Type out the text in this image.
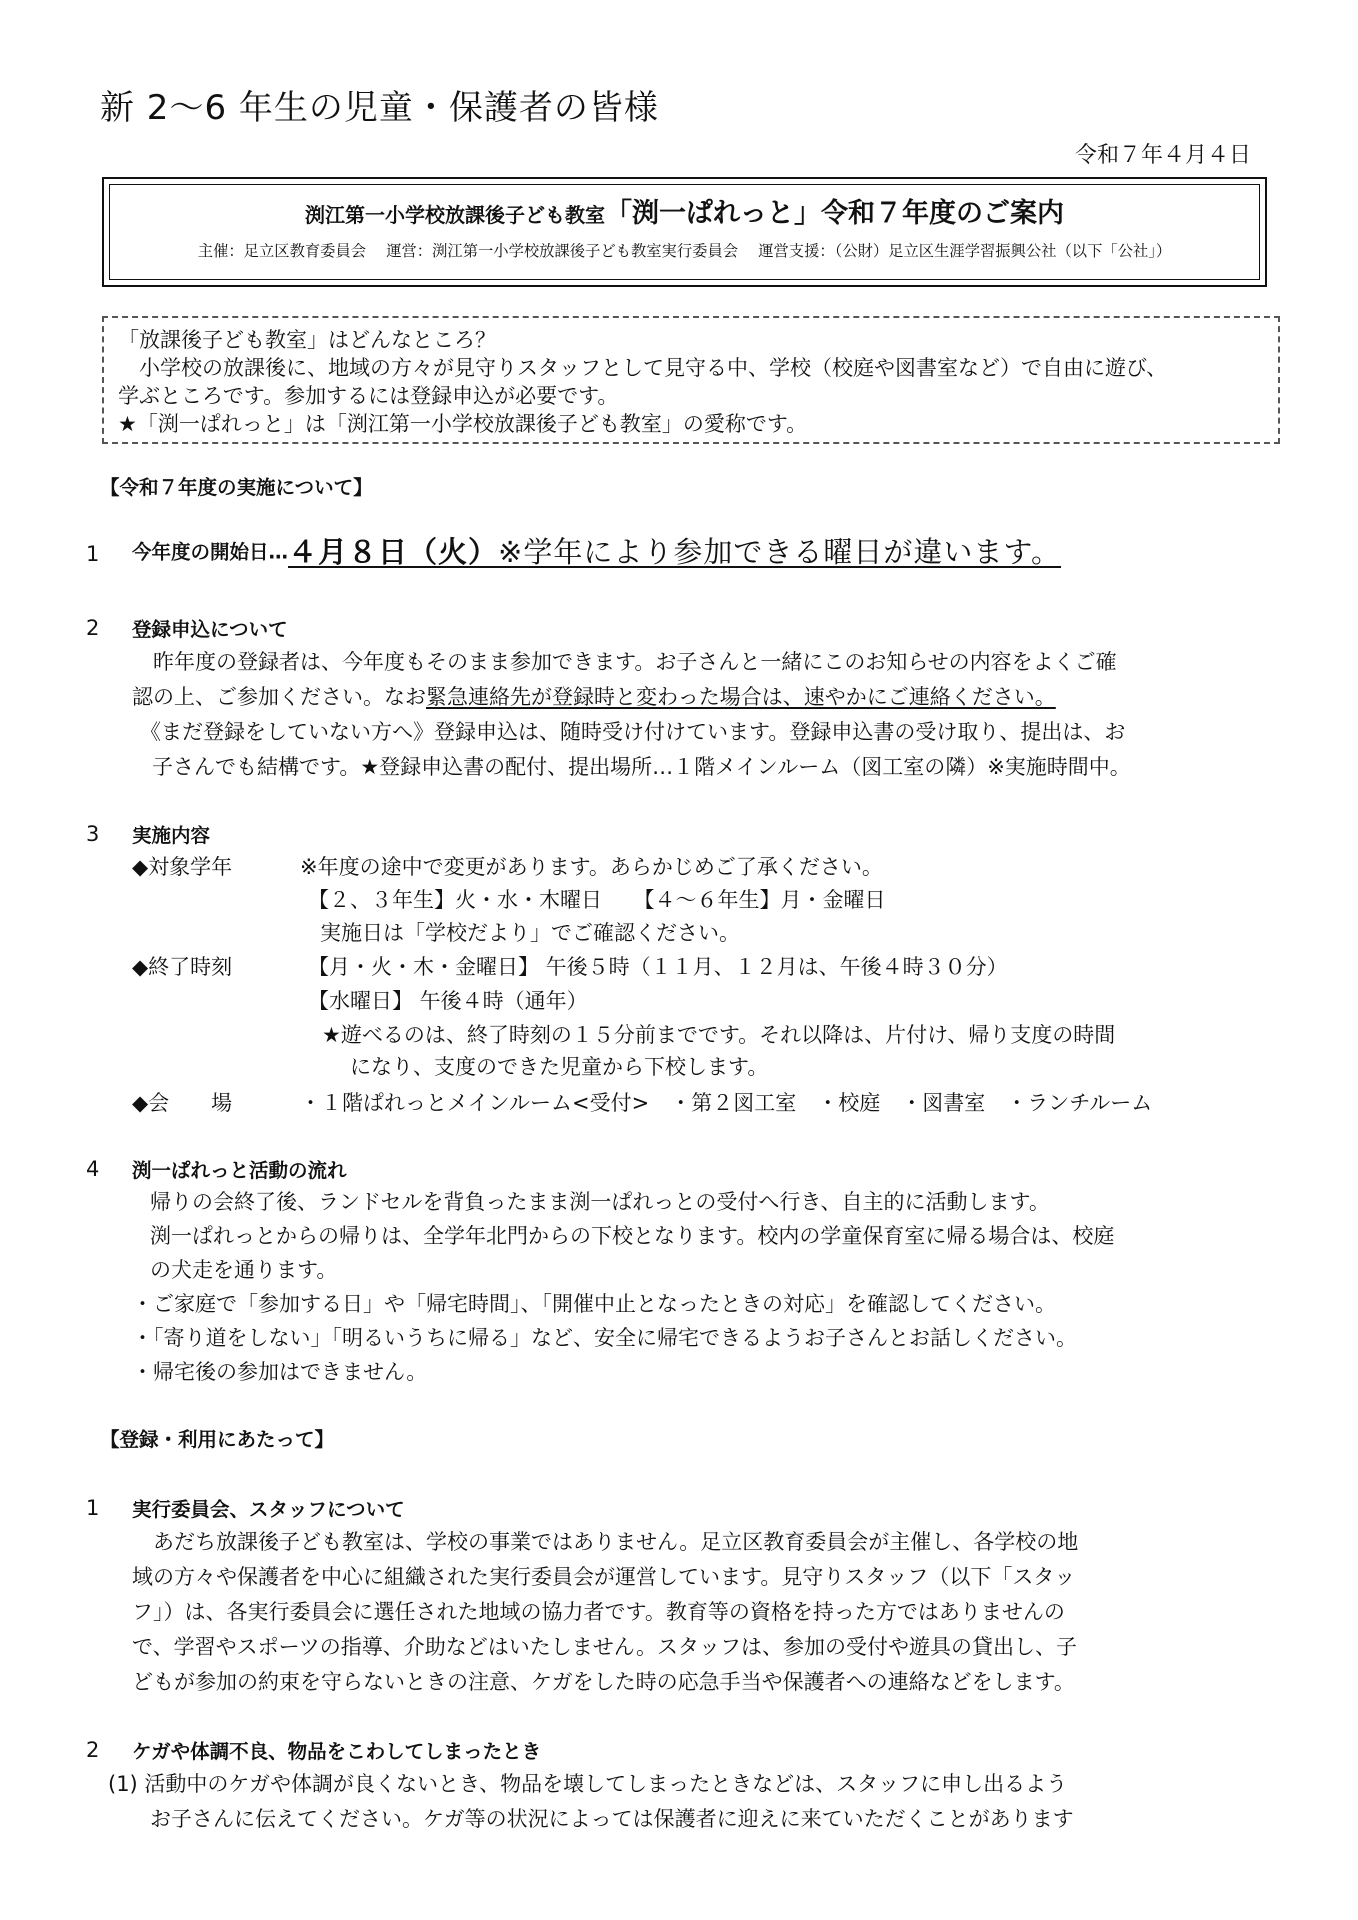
新 2～6 年生の児童・保護者の皆様
令和７年４月４日
渕江第一小学校放課後子ども教室「渕一ぱれっと」令和７年度のご案内
主催：足立区教育委員会　 運営：渕江第一小学校放課後子ども教室実行委員会　 運営支援：（公財）足立区生涯学習振興公社（以下「公社」）
「放課後子ども教室」はどんなところ？
　小学校の放課後に、地域の方々が見守りスタッフとして見守る中、学校（校庭や図書室など）で自由に遊び、
学ぶところです。参加するには登録申込が必要です。
★「渕一ぱれっと」は「渕江第一小学校放課後子ども教室」の愛称です。
【令和７年度の実施について】
1 今年度の開始日…４月８日（火）※学年により参加できる曜日が違います。
2 登録申込について
　昨年度の登録者は、今年度もそのまま参加できます。お子さんと一緒にこのお知らせの内容をよくご確
認の上、ご参加ください。なお緊急連絡先が登録時と変わった場合は、速やかにご連絡ください。
《まだ登録をしていない方へ》登録申込は、随時受け付けています。登録申込書の受け取り、提出は、お
子さんでも結構です。★登録申込書の配付、提出場所…１階メインルーム（図工室の隣）※実施時間中。
3 実施内容
◆対象学年	※年度の途中で変更があります。あらかじめご了承ください。
【２、３年生】火・水・木曜日　　【４～６年生】月・金曜日
実施日は「学校だより」でご確認ください。
◆終了時刻	【月・火・木・金曜日】 午後５時（１１月、１２月は、午後４時３０分）
【水曜日】 午後４時（通年）
★遊べるのは、終了時刻の１５分前までです。それ以降は、片付け、帰り支度の時間
になり、支度のできた児童から下校します。
◆会　　場	・１階ぱれっとメインルーム<受付>　・第２図工室　・校庭　・図書室　・ランチルーム
4 渕一ぱれっと活動の流れ
帰りの会終了後、ランドセルを背負ったまま渕一ぱれっとの受付へ行き、自主的に活動します。
渕一ぱれっとからの帰りは、全学年北門からの下校となります。校内の学童保育室に帰る場合は、校庭
の犬走を通ります。
・ご家庭で「参加する日」や「帰宅時間」、「開催中止となったときの対応」を確認してください。
・「寄り道をしない」「明るいうちに帰る」など、安全に帰宅できるようお子さんとお話しください。
・帰宅後の参加はできません。
【登録・利用にあたって】
1 実行委員会、スタッフについて
　あだち放課後子ども教室は、学校の事業ではありません。足立区教育委員会が主催し、各学校の地
域の方々や保護者を中心に組織された実行委員会が運営しています。見守りスタッフ（以下「スタッ
フ」）は、各実行委員会に選任された地域の協力者です。教育等の資格を持った方ではありませんの
で、学習やスポーツの指導、介助などはいたしません。スタッフは、参加の受付や遊具の貸出し、子
どもが参加の約束を守らないときの注意、ケガをした時の応急手当や保護者への連絡などをします。
2 ケガや体調不良、物品をこわしてしまったとき
(1) 活動中のケガや体調が良くないとき、物品を壊してしまったときなどは、スタッフに申し出るよう
お子さんに伝えてください。ケガ等の状況によっては保護者に迎えに来ていただくことがあります
